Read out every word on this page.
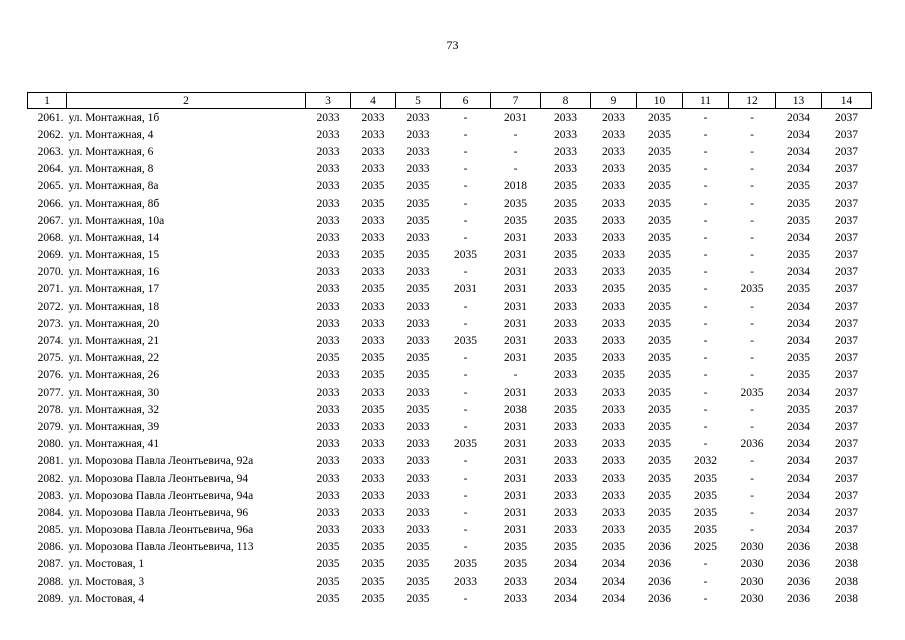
73
1	2	3	4	5	6	7	8	9	10	11	12	13	14
2061.	ул. Монтажная, 1б	2033	2033	2033	-	2031	2033	2033	2035	-	-	2034	2037
2062.	ул. Монтажная, 4	2033	2033	2033	-	-	2033	2033	2035	-	-	2034	2037
2063.	ул. Монтажная, 6	2033	2033	2033	-	-	2033	2033	2035	-	-	2034	2037
2064.	ул. Монтажная, 8	2033	2033	2033	-	-	2033	2033	2035	-	-	2034	2037
2065.	ул. Монтажная, 8а	2033	2035	2035	-	2018	2035	2033	2035	-	-	2035	2037
2066.	ул. Монтажная, 8б	2033	2035	2035	-	2035	2035	2033	2035	-	-	2035	2037
2067.	ул. Монтажная, 10а	2033	2033	2035	-	2035	2035	2033	2035	-	-	2035	2037
2068.	ул. Монтажная, 14	2033	2033	2033	-	2031	2033	2033	2035	-	-	2034	2037
2069.	ул. Монтажная, 15	2033	2035	2035	2035	2031	2035	2033	2035	-	-	2035	2037
2070.	ул. Монтажная, 16	2033	2033	2033	-	2031	2033	2033	2035	-	-	2034	2037
2071.	ул. Монтажная, 17	2033	2035	2035	2031	2031	2033	2035	2035	-	2035	2035	2037
2072.	ул. Монтажная, 18	2033	2033	2033	-	2031	2033	2033	2035	-	-	2034	2037
2073.	ул. Монтажная, 20	2033	2033	2033	-	2031	2033	2033	2035	-	-	2034	2037
2074.	ул. Монтажная, 21	2033	2033	2033	2035	2031	2033	2033	2035	-	-	2034	2037
2075.	ул. Монтажная, 22	2035	2035	2035	-	2031	2035	2033	2035	-	-	2035	2037
2076.	ул. Монтажная, 26	2033	2035	2035	-	-	2033	2035	2035	-	-	2035	2037
2077.	ул. Монтажная, 30	2033	2033	2033	-	2031	2033	2033	2035	-	2035	2034	2037
2078.	ул. Монтажная, 32	2033	2035	2035	-	2038	2035	2033	2035	-	-	2035	2037
2079.	ул. Монтажная, 39	2033	2033	2033	-	2031	2033	2033	2035	-	-	2034	2037
2080.	ул. Монтажная, 41	2033	2033	2033	2035	2031	2033	2033	2035	-	2036	2034	2037
2081.	ул. Морозова Павла Леонтьевича, 92а	2033	2033	2033	-	2031	2033	2033	2035	2032	-	2034	2037
2082.	ул. Морозова Павла Леонтьевича, 94	2033	2033	2033	-	2031	2033	2033	2035	2035	-	2034	2037
2083.	ул. Морозова Павла Леонтьевича, 94а	2033	2033	2033	-	2031	2033	2033	2035	2035	-	2034	2037
2084.	ул. Морозова Павла Леонтьевича, 96	2033	2033	2033	-	2031	2033	2033	2035	2035	-	2034	2037
2085.	ул. Морозова Павла Леонтьевича, 96а	2033	2033	2033	-	2031	2033	2033	2035	2035	-	2034	2037
2086.	ул. Морозова Павла Леонтьевича, 113	2035	2035	2035	-	2035	2035	2035	2036	2025	2030	2036	2038
2087.	ул. Мостовая, 1	2035	2035	2035	2035	2035	2034	2034	2036	-	2030	2036	2038
2088.	ул. Мостовая, 3	2035	2035	2035	2033	2033	2034	2034	2036	-	2030	2036	2038
2089.	ул. Мостовая, 4	2035	2035	2035	-	2033	2034	2034	2036	-	2030	2036	2038
